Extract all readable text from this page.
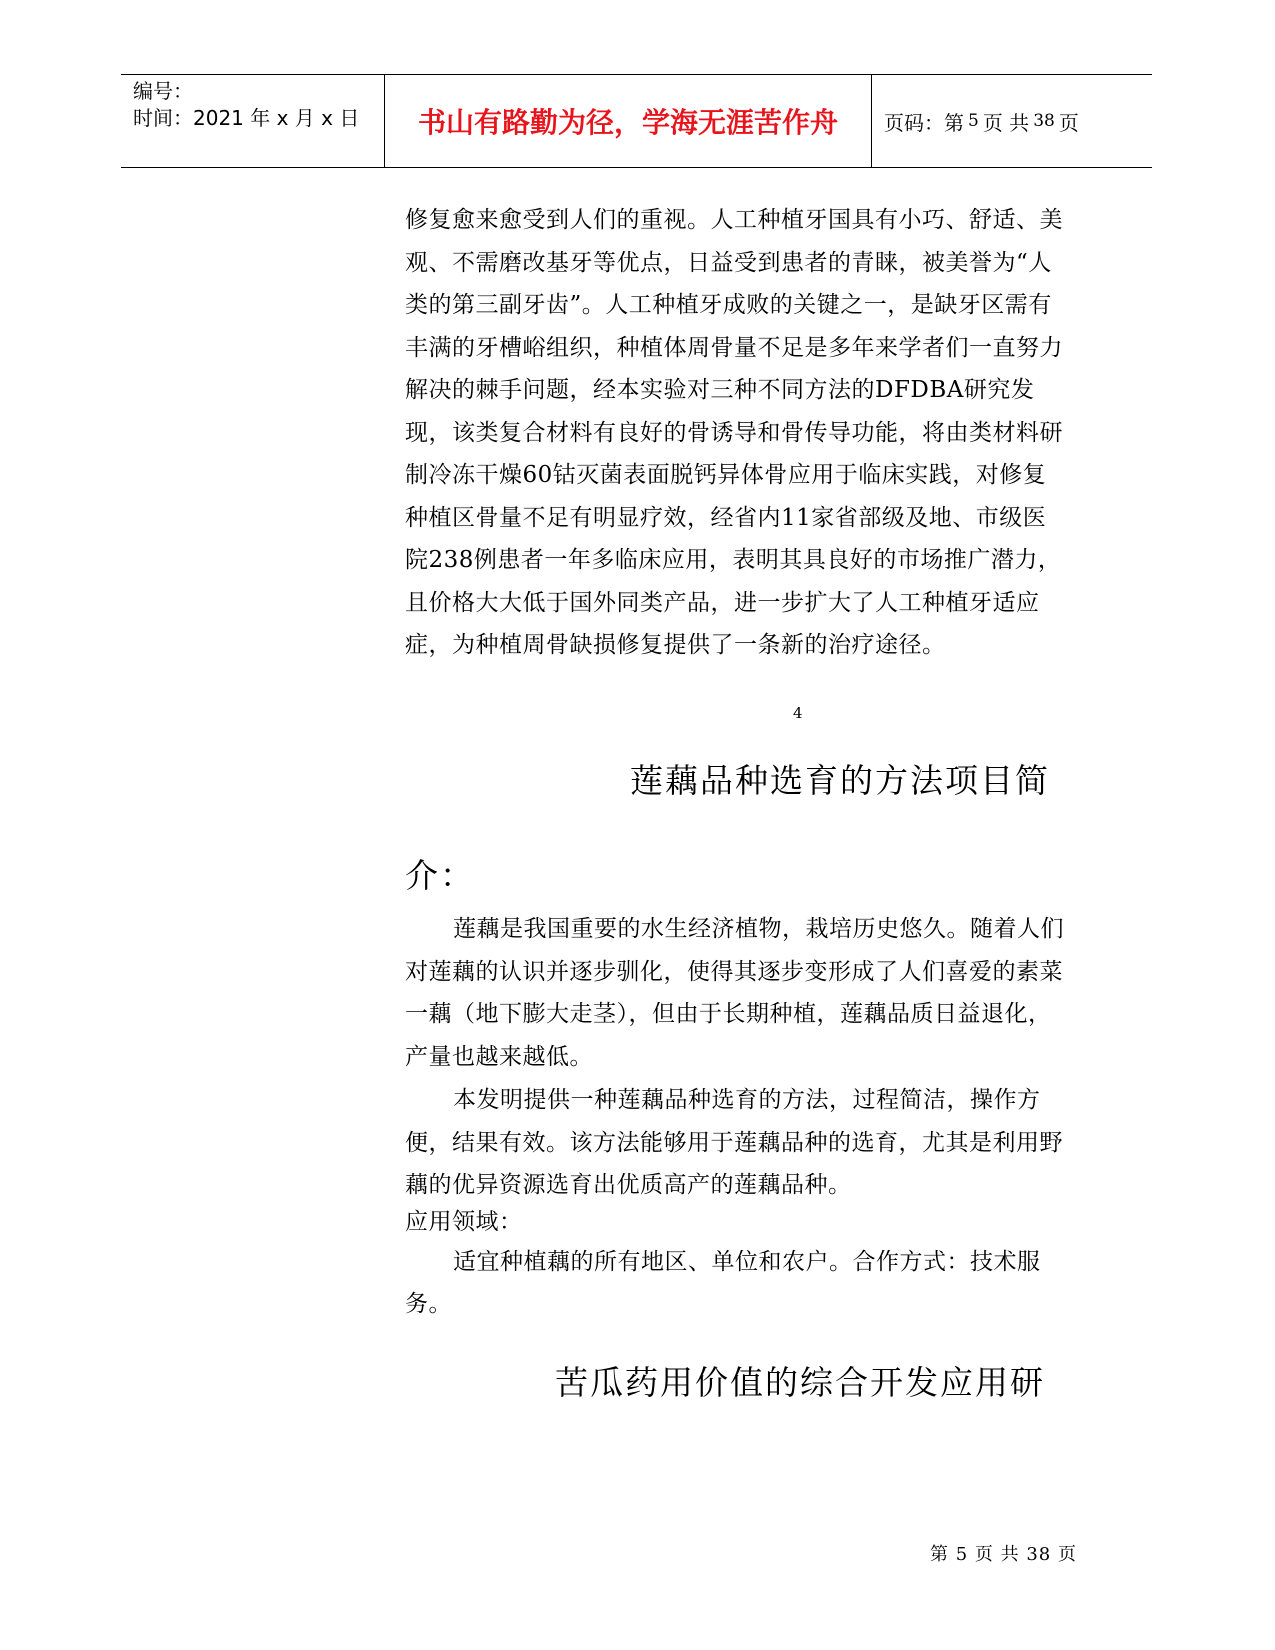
编号：
时间：2021 年 x 月 x 日	书山有路勤为径，学海无涯苦作舟	页码：第 5 页 共 38 页

修复愈来愈受到人们的重视。人工种植牙国具有小巧、舒适、美观、不需磨改基牙等优点，日益受到患者的青睐，被美誉为“人类的第三副牙齿”。人工种植牙成败的关键之一，是缺牙区需有丰满的牙槽峪组织，种植体周骨量不足是多年来学者们一直努力解决的棘手问题，经本实验对三种不同方法的DFDBA研究发现，该类复合材料有良好的骨诱导和骨传导功能，将由类材料研制冷冻干燥60钴灭菌表面脱钙异体骨应用于临床实践，对修复种植区骨量不足有明显疗效，经省内11家省部级及地、市级医院238例患者一年多临床应用，表明其具良好的市场推广潜力，且价格大大低于国外同类产品，进一步扩大了人工种植牙适应症，为种植周骨缺损修复提供了一条新的治疗途径。

4
莲藕品种选育的方法项目简
介：

莲藕是我国重要的水生经济植物，栽培历史悠久。随着人们对莲藕的认识并逐步驯化，使得其逐步变形成了人们喜爱的素菜一藕（地下膨大走茎），但由于长期种植，莲藕品质日益退化，产量也越来越低。

本发明提供一种莲藕品种选育的方法，过程简洁，操作方便，结果有效。该方法能够用于莲藕品种的选育，尤其是利用野藕的优异资源选育出优质高产的莲藕品种。

应用领域：

适宜种植藕的所有地区、单位和农户。合作方式：技术服务。

苦瓜药用价值的综合开发应用研
第 5 页 共 38 页
